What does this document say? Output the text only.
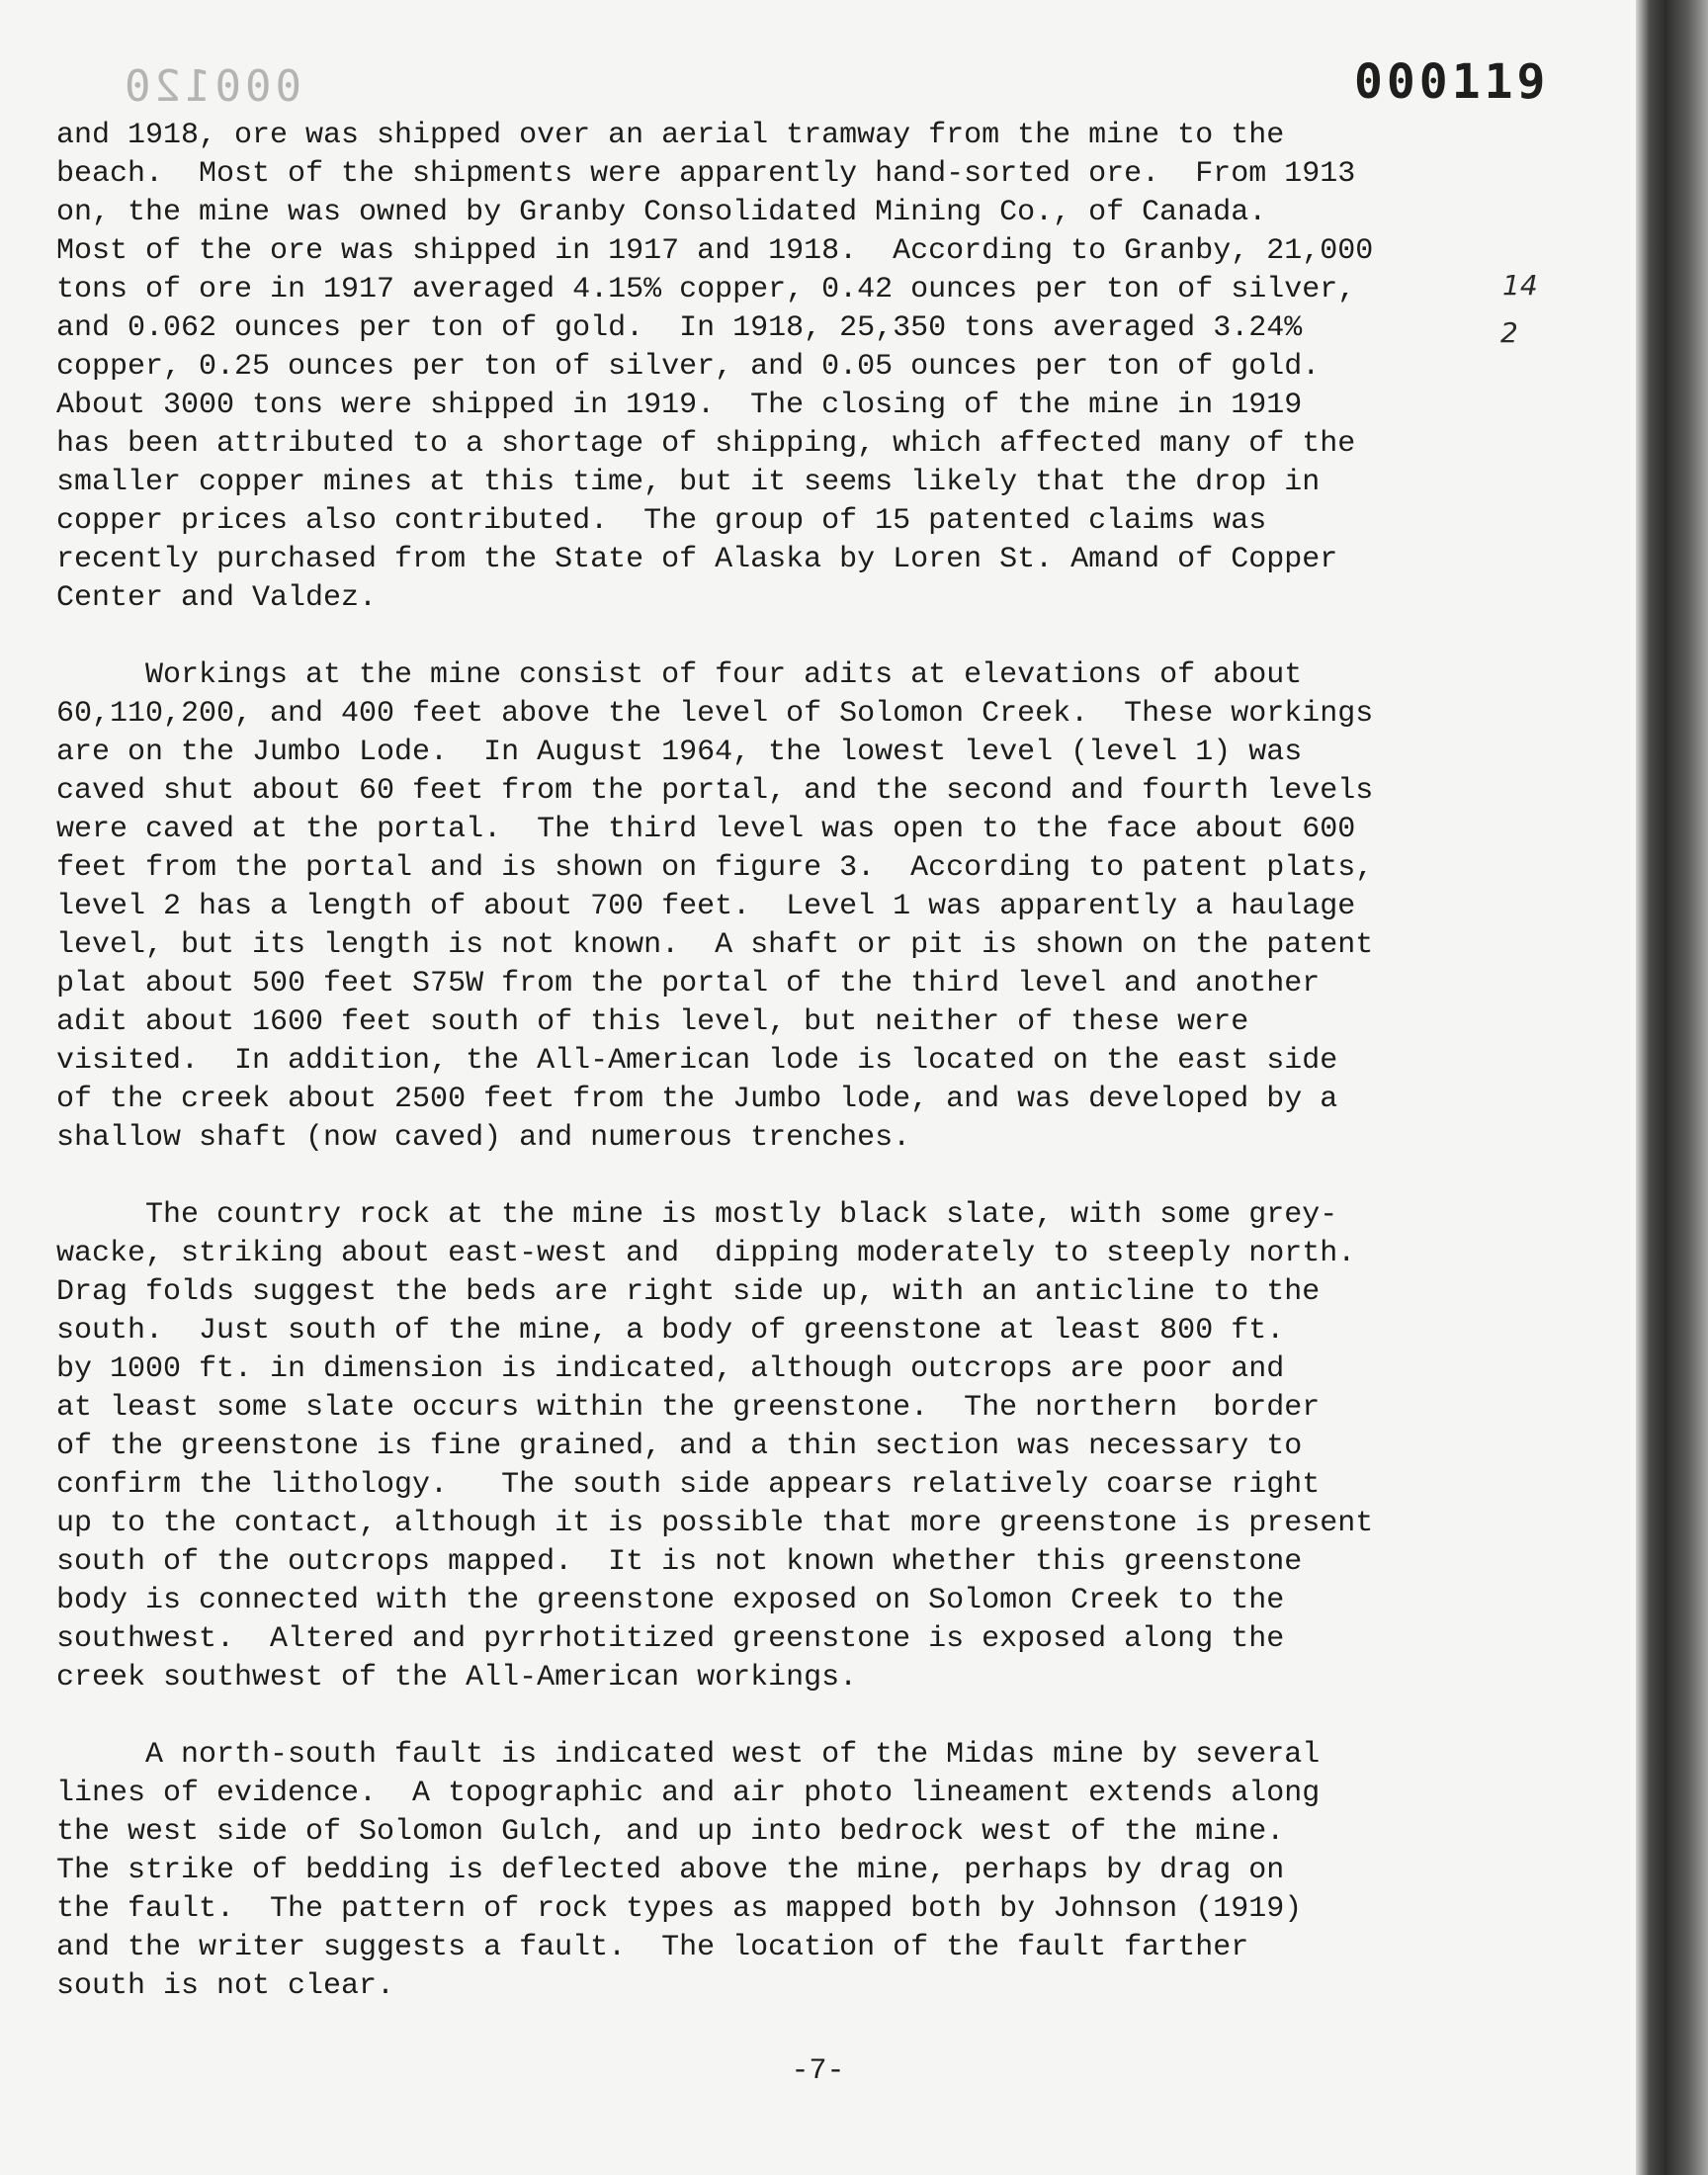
000120	000119
14
2

and 1918, ore was shipped over an aerial tramway from the mine to the
beach.  Most of the shipments were apparently hand-sorted ore.  From 1913
on, the mine was owned by Granby Consolidated Mining Co., of Canada.
Most of the ore was shipped in 1917 and 1918.  According to Granby, 21,000
tons of ore in 1917 averaged 4.15% copper, 0.42 ounces per ton of silver,
and 0.062 ounces per ton of gold.  In 1918, 25,350 tons averaged 3.24%
copper, 0.25 ounces per ton of silver, and 0.05 ounces per ton of gold.
About 3000 tons were shipped in 1919.  The closing of the mine in 1919
has been attributed to a shortage of shipping, which affected many of the
smaller copper mines at this time, but it seems likely that the drop in
copper prices also contributed.  The group of 15 patented claims was
recently purchased from the State of Alaska by Loren St. Amand of Copper
Center and Valdez.

Workings at the mine consist of four adits at elevations of about
60,110,200, and 400 feet above the level of Solomon Creek.  These workings
are on the Jumbo Lode.  In August 1964, the lowest level (level 1) was
caved shut about 60 feet from the portal, and the second and fourth levels
were caved at the portal.  The third level was open to the face about 600
feet from the portal and is shown on figure 3.  According to patent plats,
level 2 has a length of about 700 feet.  Level 1 was apparently a haulage
level, but its length is not known.  A shaft or pit is shown on the patent
plat about 500 feet S75W from the portal of the third level and another
adit about 1600 feet south of this level, but neither of these were
visited.  In addition, the All-American lode is located on the east side
of the creek about 2500 feet from the Jumbo lode, and was developed by a
shallow shaft (now caved) and numerous trenches.

The country rock at the mine is mostly black slate, with some grey-
wacke, striking about east-west and  dipping moderately to steeply north.
Drag folds suggest the beds are right side up, with an anticline to the
south.  Just south of the mine, a body of greenstone at least 800 ft.
by 1000 ft. in dimension is indicated, although outcrops are poor and
at least some slate occurs within the greenstone.  The northern  border
of the greenstone is fine grained, and a thin section was necessary to
confirm the lithology.   The south side appears relatively coarse right
up to the contact, although it is possible that more greenstone is present
south of the outcrops mapped.  It is not known whether this greenstone
body is connected with the greenstone exposed on Solomon Creek to the
southwest.  Altered and pyrrhotitized greenstone is exposed along the
creek southwest of the All-American workings.

A north-south fault is indicated west of the Midas mine by several
lines of evidence.  A topographic and air photo lineament extends along
the west side of Solomon Gulch, and up into bedrock west of the mine.
The strike of bedding is deflected above the mine, perhaps by drag on
the fault.  The pattern of rock types as mapped both by Johnson (1919)
and the writer suggests a fault.  The location of the fault farther
south is not clear.

-7-
